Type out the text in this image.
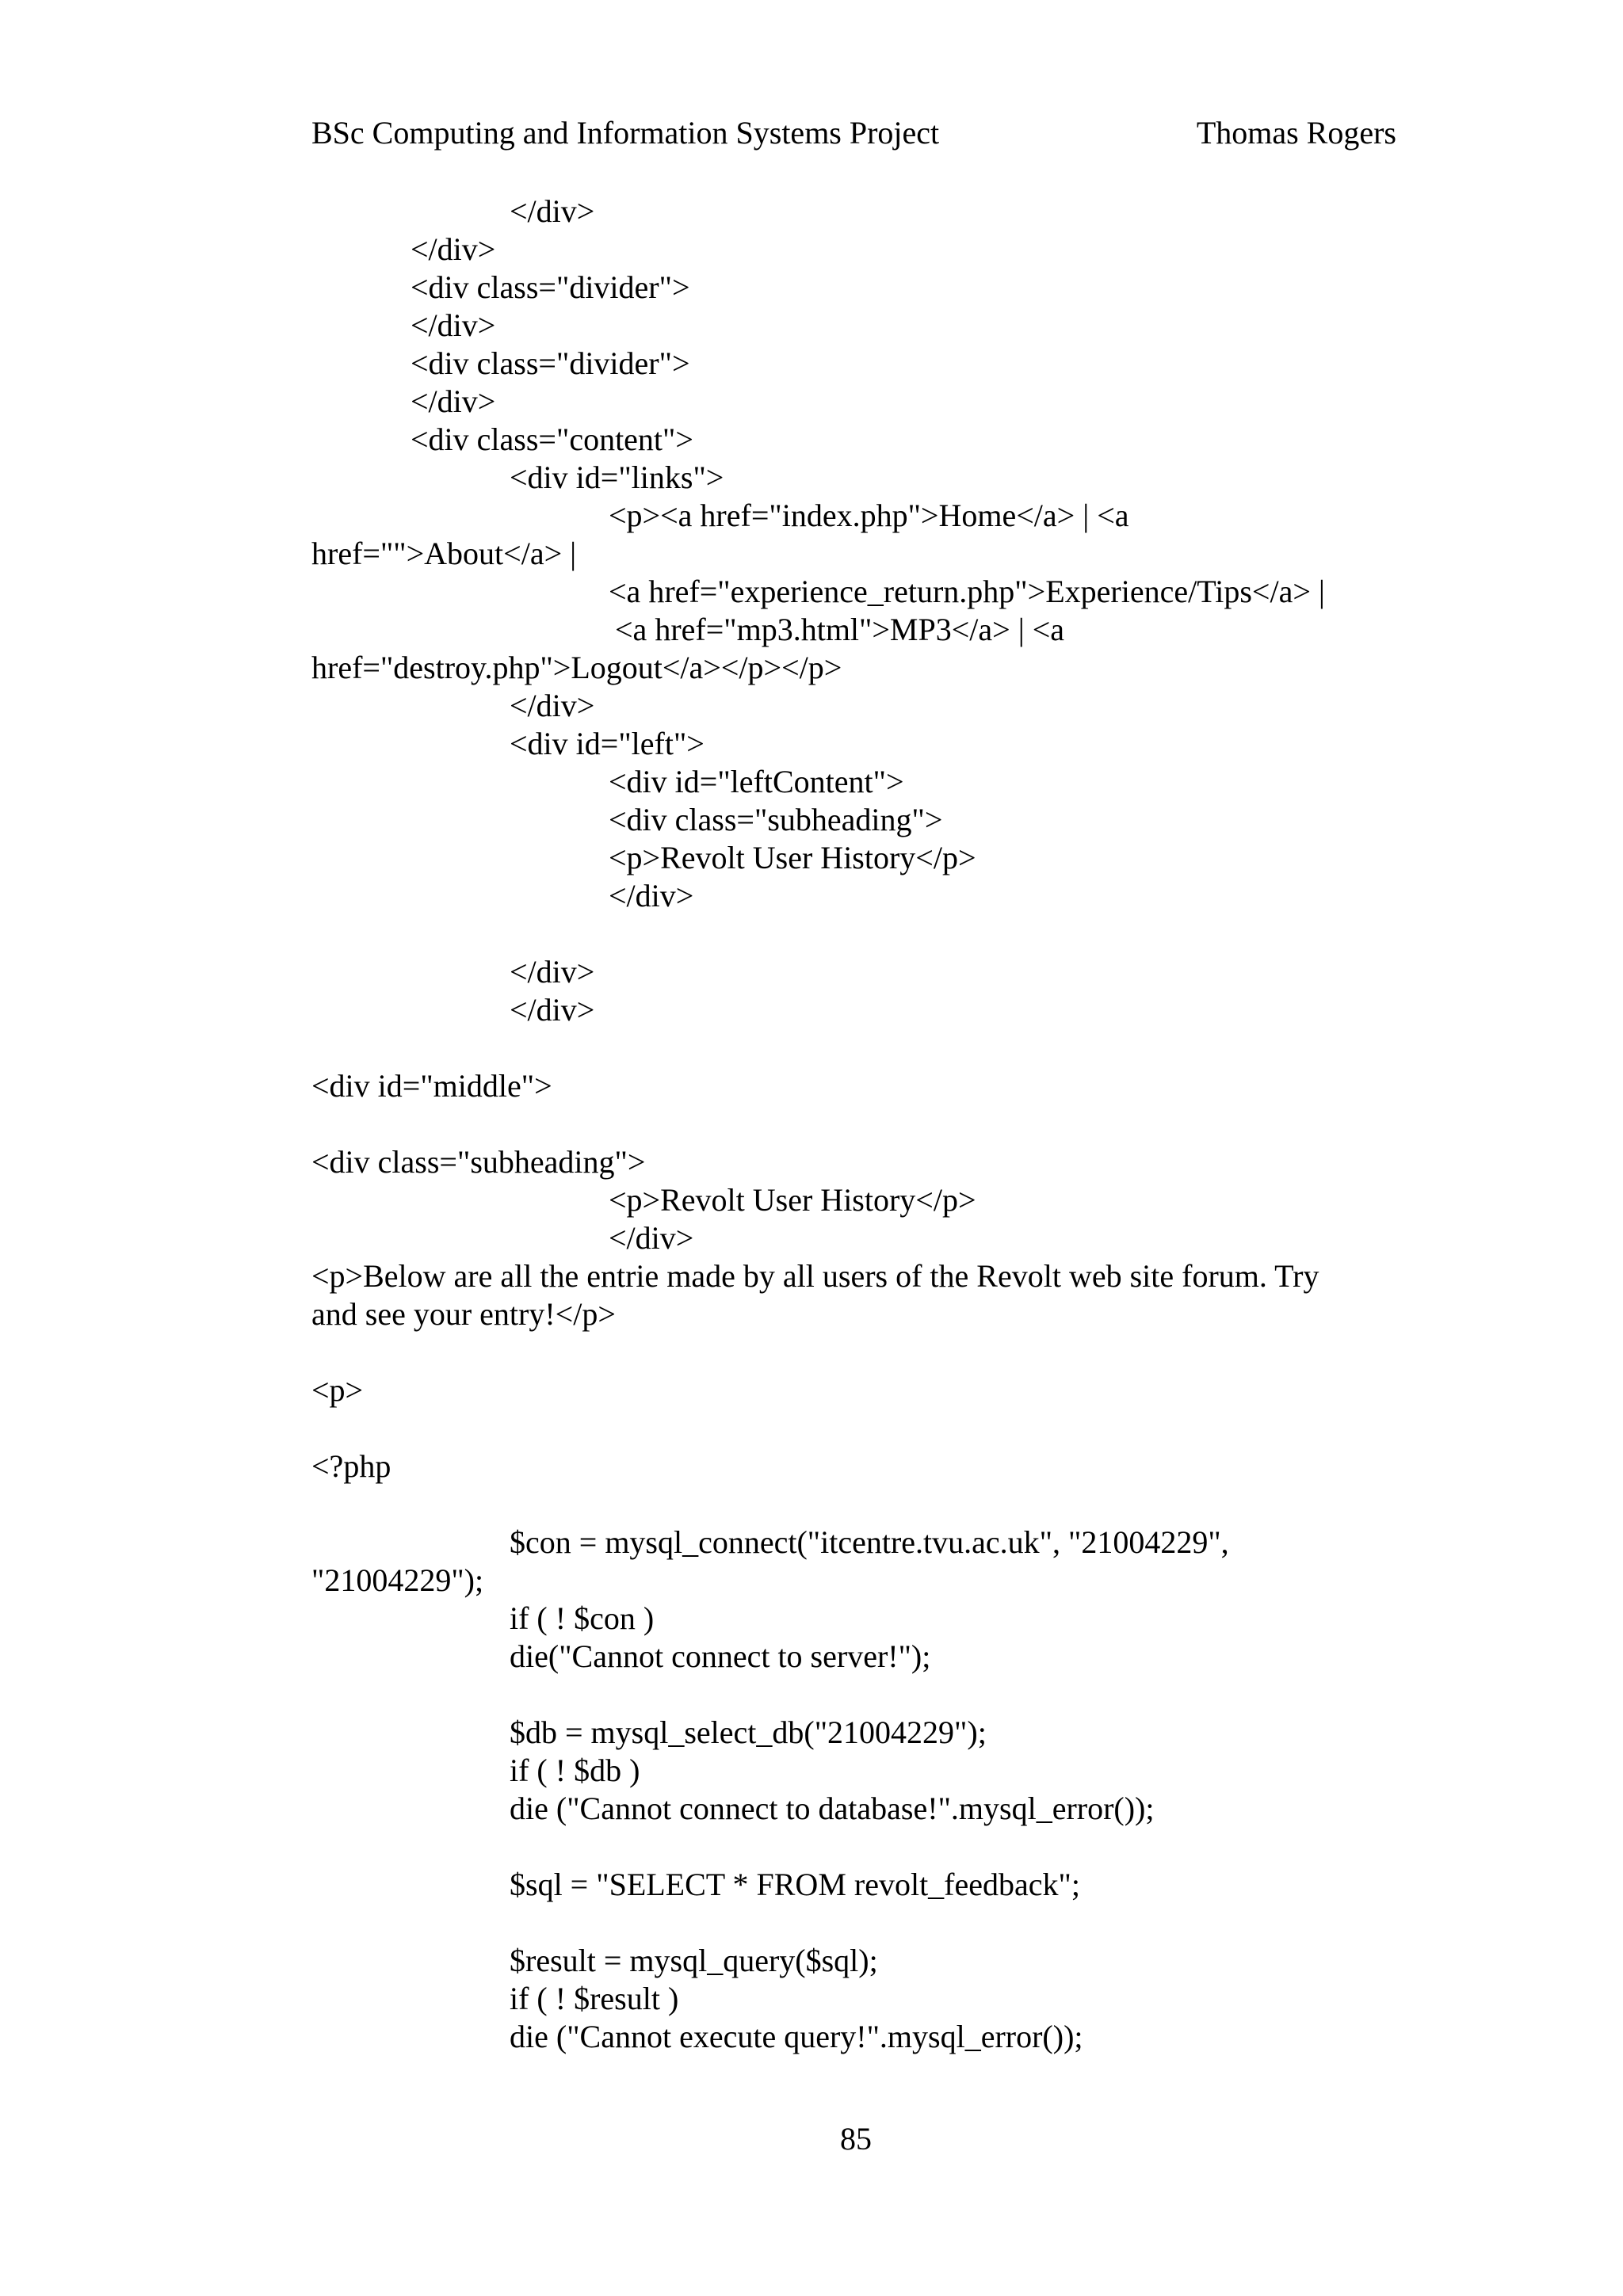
BSc Computing and Information Systems Project	Thomas Rogers
</div>
</div>
<div class="divider">
</div>
<div class="divider">
</div>
<div class="content">
<div id="links">
<p><a href="index.php">Home</a> | <a
href="">About</a> |
<a href="experience_return.php">Experience/Tips</a> |
<a href="mp3.html">MP3</a> | <a
href="destroy.php">Logout</a></p></p>
</div>
<div id="left">
<div id="leftContent">
<div class="subheading">
<p>Revolt User History</p>
</div>
</div>
</div>
<div id="middle">
<div class="subheading">
<p>Revolt User History</p>
</div>
<p>Below are all the entrie made by all users of the Revolt web site forum. Try
and see your entry!</p>
<p>
<?php
$con = mysql_connect("itcentre.tvu.ac.uk", "21004229",
"21004229");
if ( ! $con )
die("Cannot connect to server!");
$db = mysql_select_db("21004229");
if ( ! $db )
die ("Cannot connect to database!".mysql_error());
$sql = "SELECT * FROM revolt_feedback";
$result = mysql_query($sql);
if ( ! $result )
die ("Cannot execute query!".mysql_error());
85
